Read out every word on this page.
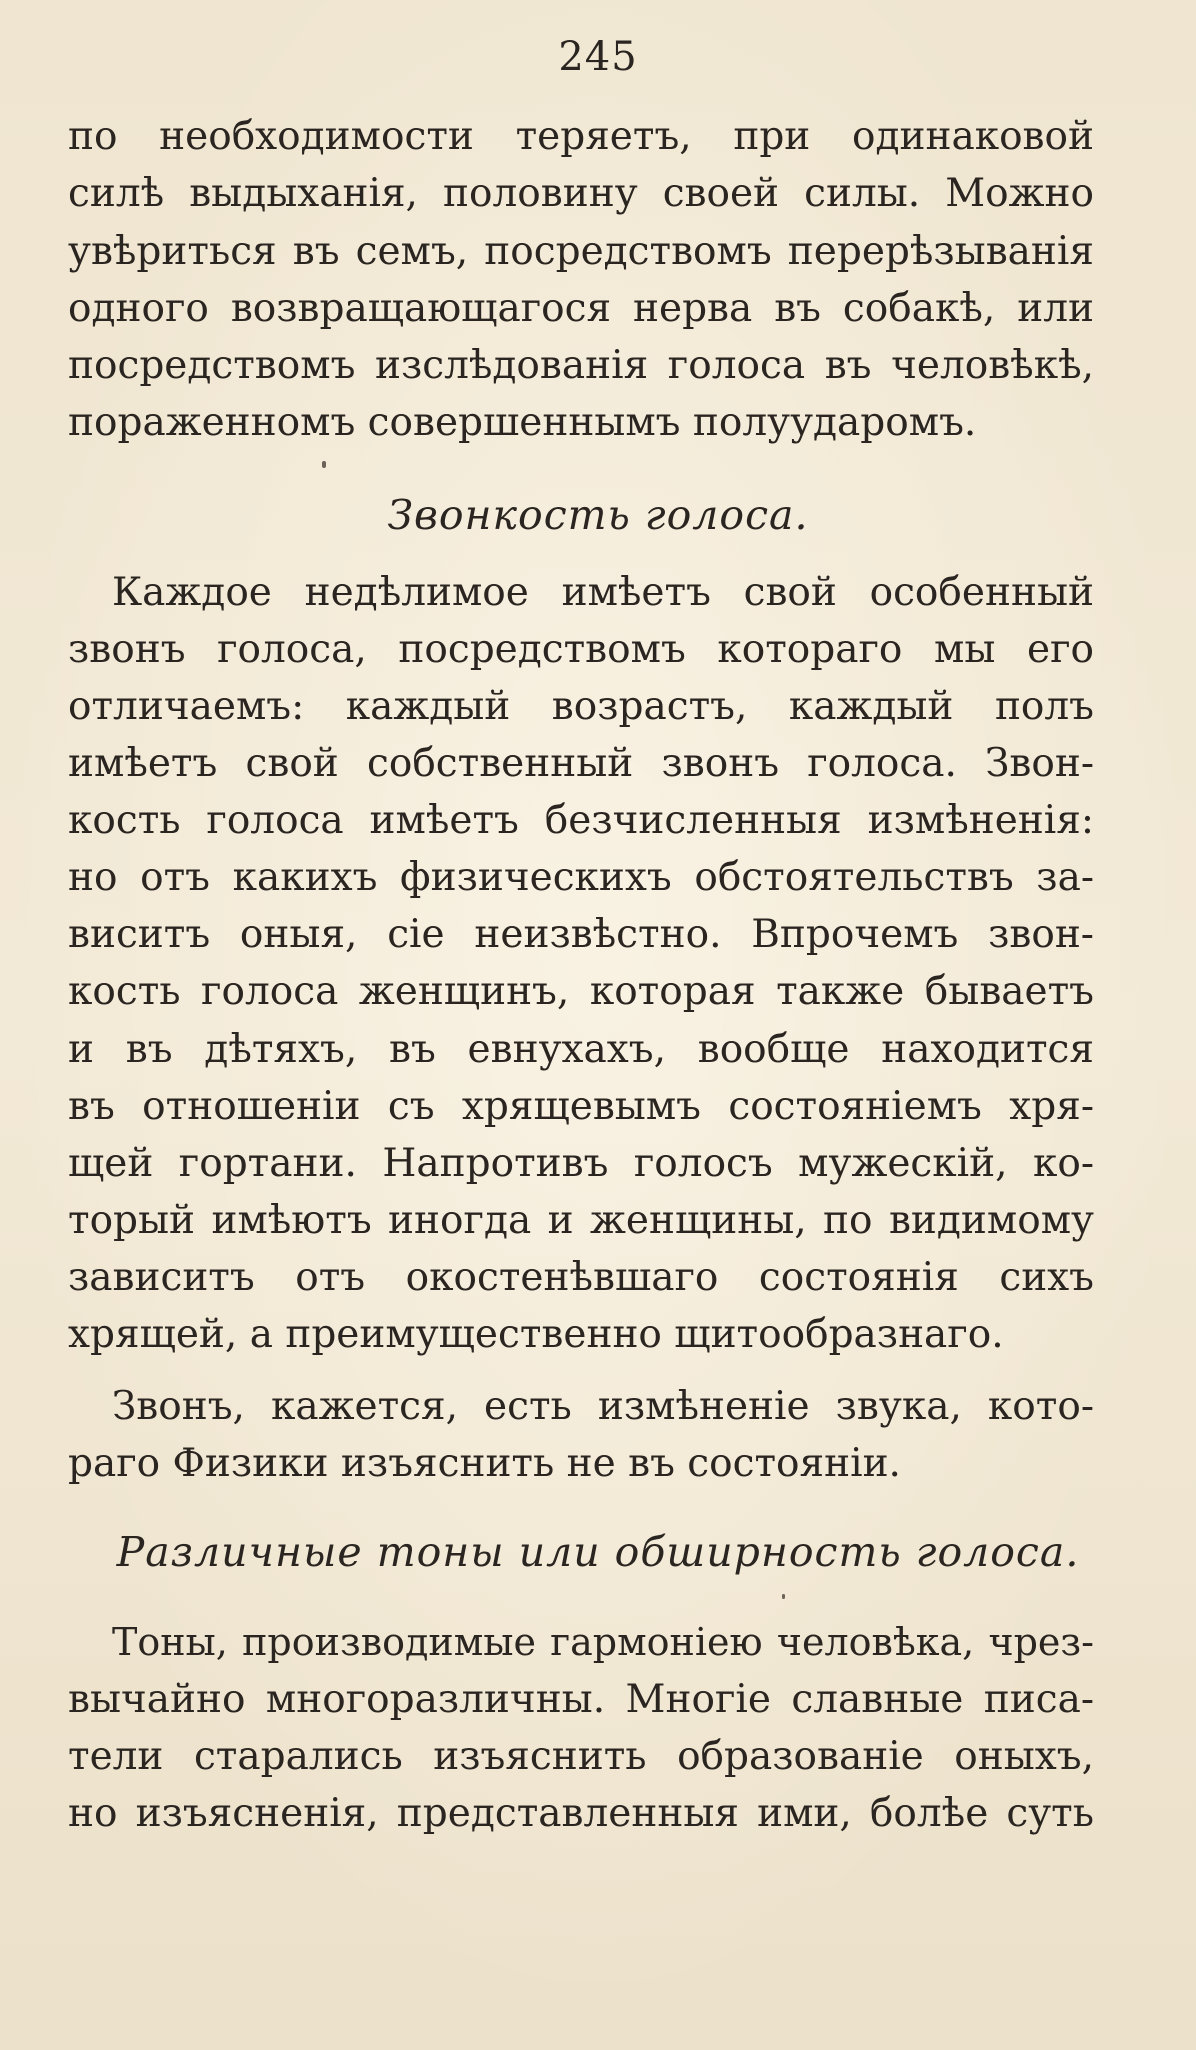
245
по необходимости теряетъ, при одинаковой
силѣ выдыханія, половину своей силы. Можно
увѣриться въ семъ, посредствомъ перерѣзыванія
одного возвращающагося нерва въ собакѣ, или
посредствомъ изслѣдованія голоса въ человѣкѣ,
пораженномъ совершеннымъ полуударомъ.
Звонкость голоса.
Каждое недѣлимое имѣетъ свой особенный
звонъ голоса, посредствомъ котораго мы его
отличаемъ: каждый возрастъ, каждый полъ
имѣетъ свой собственный звонъ голоса. Звон-
кость голоса имѣетъ безчисленныя измѣненія:
но отъ какихъ физическихъ обстоятельствъ за-
виситъ оныя, сіе неизвѣстно. Впрочемъ звон-
кость голоса женщинъ, которая также бываетъ
и въ дѣтяхъ, въ евнухахъ, вообще находится
въ отношеніи съ хрящевымъ состояніемъ хря-
щей гортани. Напротивъ голосъ мужескій, ко-
торый имѣютъ иногда и женщины, по видимому
зависитъ отъ окостенѣвшаго состоянія сихъ
хрящей, а преимущественно щитообразнаго.
Звонъ, кажется, есть измѣненіе звука, кото-
раго Физики изъяснить не въ состояніи.
Различные тоны или обширность голоса.
Тоны, производимые гармоніею человѣка, чрез-
вычайно многоразличны. Многіе славные писа-
тели старались изъяснить образованіе оныхъ,
но изъясненія, представленныя ими, болѣе суть
